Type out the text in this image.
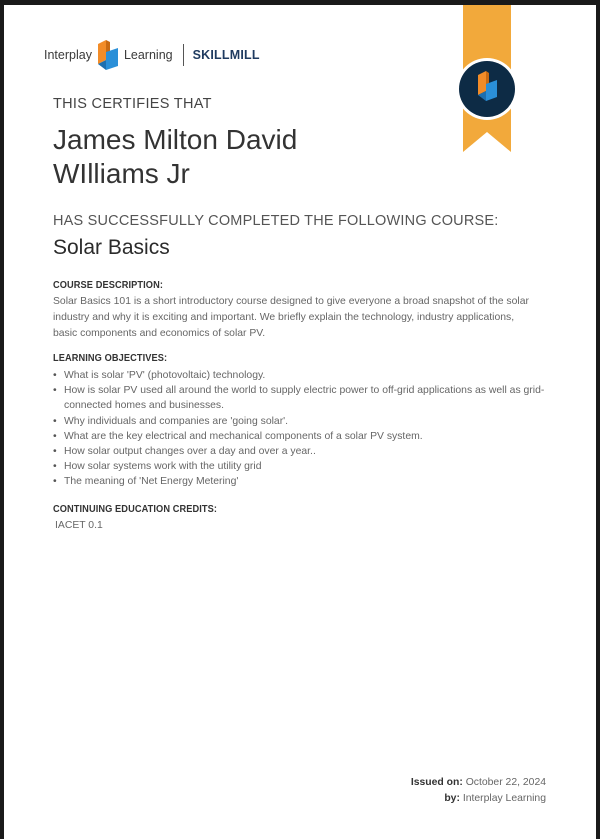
Interplay	Learning SKILLMILL
THIS CERTIFIES THAT
James Milton David
WIlliams Jr
HAS SUCCESSFULLY COMPLETED THE FOLLOWING COURSE:
Solar Basics
COURSE DESCRIPTION:
Solar Basics 101 is a short introductory course designed to give everyone a broad snapshot of the solar industry and why it is exciting and important. We briefly explain the technology, industry applications, basic components and economics of solar PV.
LEARNING OBJECTIVES:
• What is solar 'PV' (photovoltaic) technology.
• How is solar PV used all around the world to supply electric power to off-grid applications as well as grid-connected homes and businesses.
• Why individuals and companies are 'going solar'.
• What are the key electrical and mechanical components of a solar PV system.
• How solar output changes over a day and over a year..
• How solar systems work with the utility grid
• The meaning of 'Net Energy Metering'
CONTINUING EDUCATION CREDITS:
IACET 0.1
Issued on: October 22, 2024
by: Interplay Learning
